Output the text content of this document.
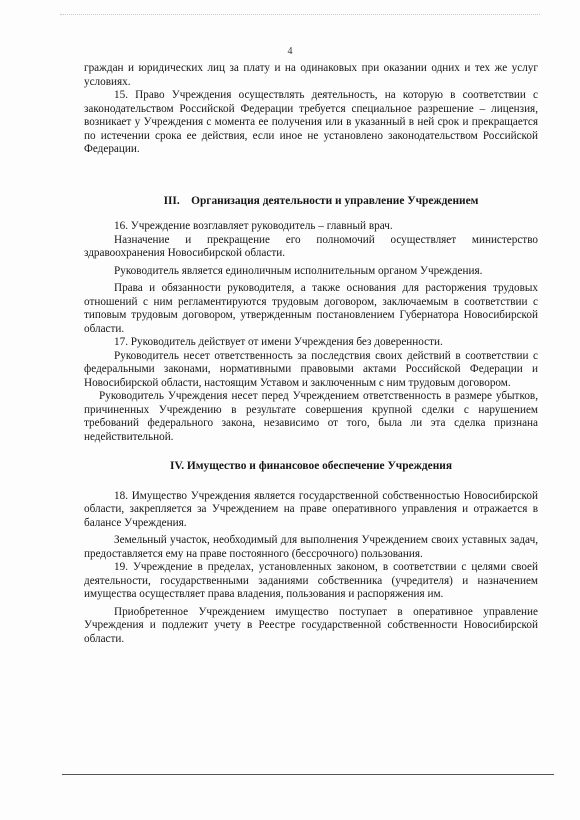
4

граждан и юридических лиц за плату и на одинаковых при оказании одних и тех же услуг условиях.

15. Право Учреждения осуществлять деятельность, на которую в соответствии с законодательством Российской Федерации требуется специальное разрешение – лицензия, возникает у Учреждения с момента ее получения или в указанный в ней срок и прекращается по истечении срока ее действия, если иное не установлено законодательством Российской Федерации.

III.    Организация деятельности и управление Учреждением

16. Учреждение возглавляет руководитель – главный врач.

Назначение и прекращение его полномочий осуществляет министерство здравоохранения Новосибирской области.

Руководитель является единоличным исполнительным органом Учреждения.

Права и обязанности руководителя, а также основания для расторжения трудовых отношений с ним регламентируются трудовым договором, заключаемым в соответствии с типовым трудовым договором, утвержденным постановлением Губернатора Новосибирской области.

17. Руководитель действует от имени Учреждения без доверенности.

Руководитель несет ответственность за последствия своих действий в соответствии с федеральными законами, нормативными правовыми актами Российской Федерации и Новосибирской области, настоящим Уставом и заключенным с ним трудовым договором.

Руководитель Учреждения несет перед Учреждением ответственность в размере убытков, причиненных Учреждению в результате совершения крупной сделки с нарушением требований федерального закона, независимо от того, была ли эта сделка признана недействительной.

IV. Имущество и финансовое обеспечение Учреждения

18. Имущество Учреждения является государственной собственностью Новосибирской области, закрепляется за Учреждением на праве оперативного управления и отражается в балансе Учреждения.

Земельный участок, необходимый для выполнения Учреждением своих уставных задач, предоставляется ему на праве постоянного (бессрочного) пользования.

19. Учреждение в пределах, установленных законом, в соответствии с целями своей деятельности, государственными заданиями собственника (учредителя) и назначением имущества осуществляет права владения, пользования и распоряжения им.

Приобретенное Учреждением имущество поступает в оперативное управление Учреждения и подлежит учету в Реестре государственной собственности Новосибирской области.
